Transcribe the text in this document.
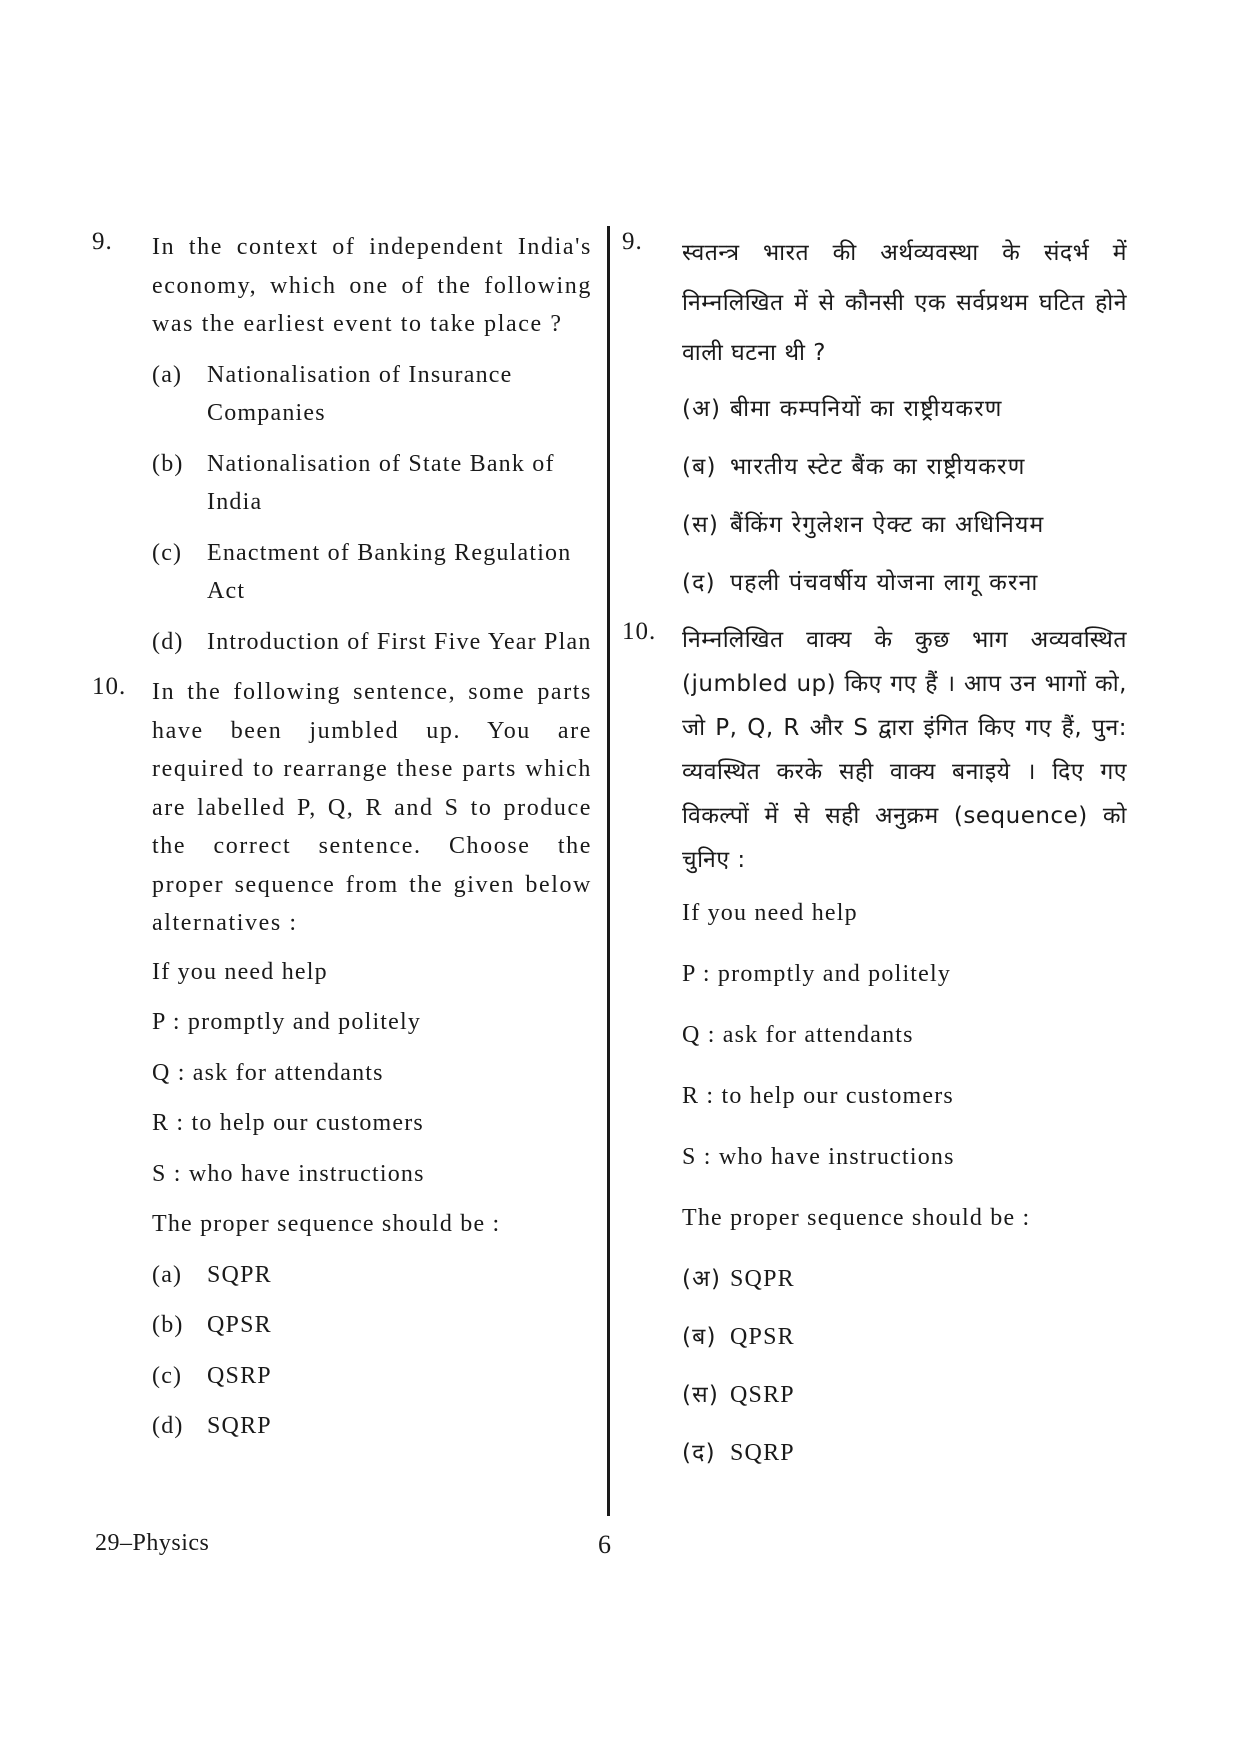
9. In the context of independent India's economy, which one of the following was the earliest event to take place ?
(a)	Nationalisation of Insurance Companies
(b) Nationalisation of State Bank of India
(c)	Enactment of Banking Regulation Act
(d) Introduction of First Five Year Plan
10. In the following sentence, some parts have been jumbled up. You are required to rearrange these parts which are labelled P, Q, R and S to produce the correct sentence. Choose the proper sequence from the given below alternatives :
If you need help
P : promptly and politely
Q : ask for attendants
R : to help our customers
S : who have instructions
The proper sequence should be :
(a)	SQPR
(b) QPSR
(c)	QSRP
(d) SQRP
9. स्वतन्त्र भारत की अर्थव्यवस्था के संदर्भ में निम्नलिखित में से कौनसी एक सर्वप्रथम घटित होने वाली घटना थी ?
(अ) बीमा कम्पनियों का राष्ट्रीयकरण
(ब) भारतीय स्टेट बैंक का राष्ट्रीयकरण
(स) बैंकिंग रेगुलेशन ऐक्ट का अधिनियम
(द) पहली पंचवर्षीय योजना लागू करना
10. निम्नलिखित वाक्य के कुछ भाग अव्यवस्थित (jumbled up) किए गए हैं । आप उन भागों को, जो P, Q, R और S द्वारा इंगित किए गए हैं, पुन: व्यवस्थित करके सही वाक्य बनाइये । दिए गए विकल्पों में से सही अनुक्रम (sequence) को चुनिए :
If you need help
P : promptly and politely
Q : ask for attendants
R : to help our customers
S : who have instructions
The proper sequence should be :
(अ) SQPR
(ब) QPSR
(स) QSRP
(द) SQRP
29–Physics	6
